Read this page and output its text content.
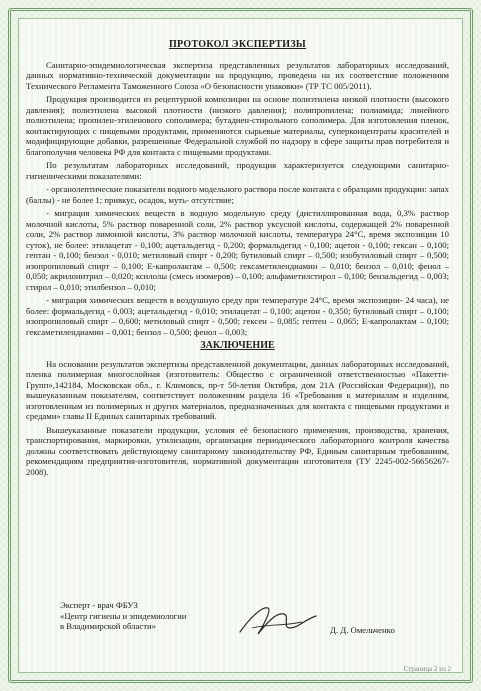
ПРОТОКОЛ ЭКСПЕРТИЗЫ

Санитарно-эпидемиологическая экспертиза представленных результатов лабораторных исследований, данных нормативно-технической документации на продукцию, проведена на их соответствие положениям Технического Регламента Таможенного Союза «О безопасности упаковки» (ТР ТС 005/2011).

Продукция производится из рецептурной композиции на основе полиэтилена низкой плотности (высокого давления); полиэтилена высокой плотности (низкого давления); полипропилена; полиамида; линейного полиэтилена; пропилен-этиленового сополимера; бутадиен-стирольного сополимера. Для изготовления пленок, контактирующих с пищевыми продуктами, применяются сырьевые материалы, суперконцентраты красителей и модифицирующие добавки, разрешенные Федеральной службой по надзору в сфере защиты прав потребителя и благополучия человека РФ для контакта с пищевыми продуктами.

По результатам лабораторных исследований, продукция характеризуется следующими санитарно-гигиеническими показателями:

- органолептические показатели водного модельного раствора после контакта с образцами продукции: запах (баллы) - не более 1; привкус, осадок, муть- отсутствие;

- миграция химических веществ в водную модельную среду (дистиллированная вода, 0,3% раствор молочной кислоты, 5% раствор поваренной соли, 2% раствор уксусной кислоты, содержащей 2% поваренной соли, 2% раствор лимонной кислоты, 3% раствор молочной кислоты, температура 24°С, время экспозиции 10 суток), не более: этилацетат - 0,100; ацетальдегид - 0,200; формальдегид - 0,100; ацетон - 0,100; гексан – 0,100; гептан - 0,100; бензол - 0,010; метиловый спирт - 0,200; бутиловый спирт – 0,500; изобутиловый спирт – 0,500; изопропиловый спирт – 0,100; Е-капролактам – 0,500; гексаметилендиамин – 0,010; бензол – 0,010; фенол – 0,050; акрилонитрил – 0,020; ксилолы (смесь изомеров) – 0,100; альфаметилстирол – 0,100; бензальдегид – 0,003; стирол – 0,010; этилбензол – 0,010;

- миграция химических веществ в воздушную среду при температуре 24°С, время экспозиции- 24 часа), не более: формальдегид - 0,003; ацетальдегид - 0,010; этилацетат – 0,100; ацетон - 0,350; бутиловый спирт – 0,100; изопропиловый спирт – 0,600; метиловый спирт - 0,500; гексен – 0,085; гептен – 0,065; Е-капролактам – 0,100; гексаметилендиамин – 0,001; бензол – 0,500; фенол – 0,003;

ЗАКЛЮЧЕНИЕ

На основании результатов экспертизы представленной документации, данных лабораторных исследований, пленка полимерная многослойная (изготовитель: Общество с ограниченной ответственностью «Пакетти-Групп»,142184, Московская обл., г. Климовск, пр-т 50-летия Октября, дом 21А (Российская Федерация)), по вышеуказанным показателям, соответствует положениям раздела 16 «Требования к материалам и изделиям, изготовленным из полимерных и других материалов, предназначенных для контакта с пищевыми продуктами и средами» главы II Единых санитарных требований.

Вышеуказанные показатели продукции, условия её безопасного применения, производства, хранения, транспортирования, маркировки, утилизации, организация периодического лабораторного контроля качества должны соответствовать действующему санитарному законодательству РФ, Единым санитарным требованиям, рекомендациям предприятия-изготовителя, нормативной документации изготовителя (ТУ 2245-002-56656267-2008).

Эксперт - врач ФБУЗ
«Центр гигиены и эпидемиологии
в Владимирской области»	Д. Д. Омельченко
Страница 2 из 2
